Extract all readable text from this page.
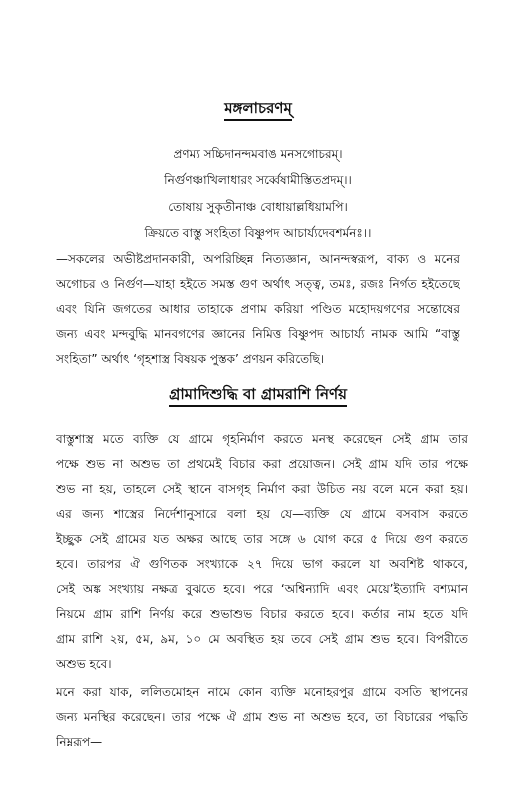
মঙ্গলাচরণম্
প্রণম্য সচ্চিদানন্দমবাঙ মনসগোচরম্।
নির্গুণঞ্চাখিলাধারং সর্ব্বেষামীস্তিতপ্রদম্।।
তোষায় সুকৃতীনাঞ্চ বোধায়াল্লধিয়ামপি।
ক্রিয়তে বাস্তু সংহিতা বিষ্ণুপদ আচার্য্যদেবশর্মনঃ।।
—সকলের অভীষ্টপ্রদানকারী, অপরিচ্ছিন্ন নিত্যজ্ঞান, আনন্দস্বরূপ, বাক্য ও মনের
অগোচর ও নির্গুণ—যাহা হইতে সমস্ত গুণ অর্থাৎ সত্ত্ব, তমঃ, রজঃ নির্গত হইতেছে
এবং যিনি জগতের আধার তাহাকে প্রণাম করিয়া পণ্ডিত মহোদয়গণের সন্তোষের
জন্য এবং মন্দবুদ্ধি মানবগণের জ্ঞানের নিমিত্ত বিষ্ণুপদ আচার্য্য নামক আমি “বাস্তু
সংহিতা” অর্থাৎ ‘গৃহশাস্ত্র বিষয়ক পুস্তক’ প্রণয়ন করিতেছি।
গ্রামাদিশুদ্ধি বা গ্রামরাশি নির্ণয়
বাস্তুশাস্ত্র মতে ব্যক্তি যে গ্রামে গৃহনির্মাণ করতে মনস্থ করেছেন সেই গ্রাম তার
পক্ষে শুভ না অশুভ তা প্রথমেই বিচার করা প্রয়োজন। সেই গ্রাম যদি তার পক্ষে
শুভ না হয়, তাহলে সেই স্থানে বাসগৃহ নির্মাণ করা উচিত নয় বলে মনে করা হয়।
এর জন্য শাস্ত্রের নির্দেশানুসারে বলা হয় যে—ব্যক্তি যে গ্রামে বসবাস করতে
ইচ্ছুক সেই গ্রামের যত অক্ষর আছে তার সঙ্গে ৬ যোগ করে ৫ দিয়ে গুণ করতে
হবে। তারপর ঐ গুণিতক সংখ্যাকে ২৭ দিয়ে ভাগ করলে যা অবশিষ্ট থাকবে,
সেই অঙ্ক সংখ্যায় নক্ষত্র বুঝতে হবে। পরে ‘অশ্বিন্যাদি এবং মেয়ে’ইত্যাদি বশ্যমান
নিয়মে গ্রাম রাশি নির্ণয় করে শুভাশুভ বিচার করতে হবে। কর্তার নাম হতে যদি
গ্রাম রাশি ২য়, ৫ম, ৯ম, ১০ মে অবস্থিত হয় তবে সেই গ্রাম শুভ হবে। বিপরীতে
অশুভ হবে।
মনে করা যাক, ললিতমোহন নামে কোন ব্যক্তি মনোহরপুর গ্রামে বসতি স্থাপনের
জন্য মনস্থির করেছেন। তার পক্ষে ঐ গ্রাম শুভ না অশুভ হবে, তা বিচারের পদ্ধতি
নিম্নরূপ—
